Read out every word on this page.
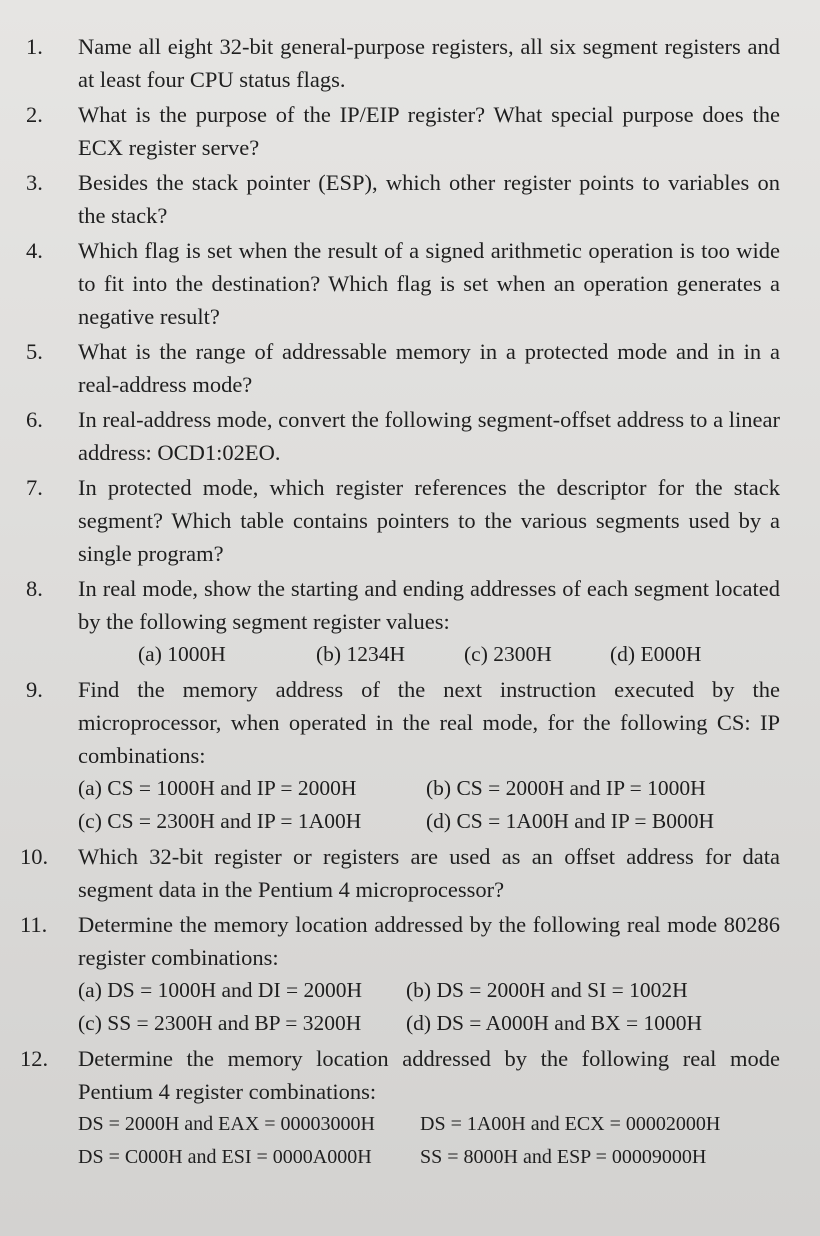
1.	Name all eight 32-bit general-purpose registers, all six segment registers and at least four CPU status flags.
2.	What is the purpose of the IP/EIP register? What special purpose does the ECX register serve?
3.	Besides the stack pointer (ESP), which other register points to variables on the stack?
4.	Which flag is set when the result of a signed arithmetic operation is too wide to fit into the destination? Which flag is set when an operation generates a negative result?
5.	What is the range of addressable memory in a protected mode and in in a real-address mode?
6.	In real-address mode, convert the following segment-offset address to a linear address: OCD1:02EO.
7.	In protected mode, which register references the descriptor for the stack segment? Which table contains pointers to the various segments used by a single program?
8.	In real mode, show the starting and ending addresses of each segment located by the following segment register values:
(a) 1000H	(b) 1234H	(c) 2300H	(d) E000H
9.	Find the memory address of the next instruction executed by the microprocessor, when operated in the real mode, for the following CS: IP combinations:
(a) CS = 1000H and IP = 2000H	(b) CS = 2000H and IP = 1000H
(c) CS = 2300H and IP = 1A00H	(d) CS = 1A00H and IP = B000H
10.	Which 32-bit register or registers are used as an offset address for data segment data in the Pentium 4 microprocessor?
11.	Determine the memory location addressed by the following real mode 80286 register combinations:
(a) DS = 1000H and DI = 2000H	(b) DS = 2000H and SI = 1002H
(c) SS = 2300H and BP = 3200H	(d) DS = A000H and BX = 1000H
12.	Determine the memory location addressed by the following real mode Pentium 4 register combinations:
DS = 2000H and EAX = 00003000H	DS = 1A00H and ECX = 00002000H
DS = C000H and ESI = 0000A000H	SS = 8000H and ESP = 00009000H
